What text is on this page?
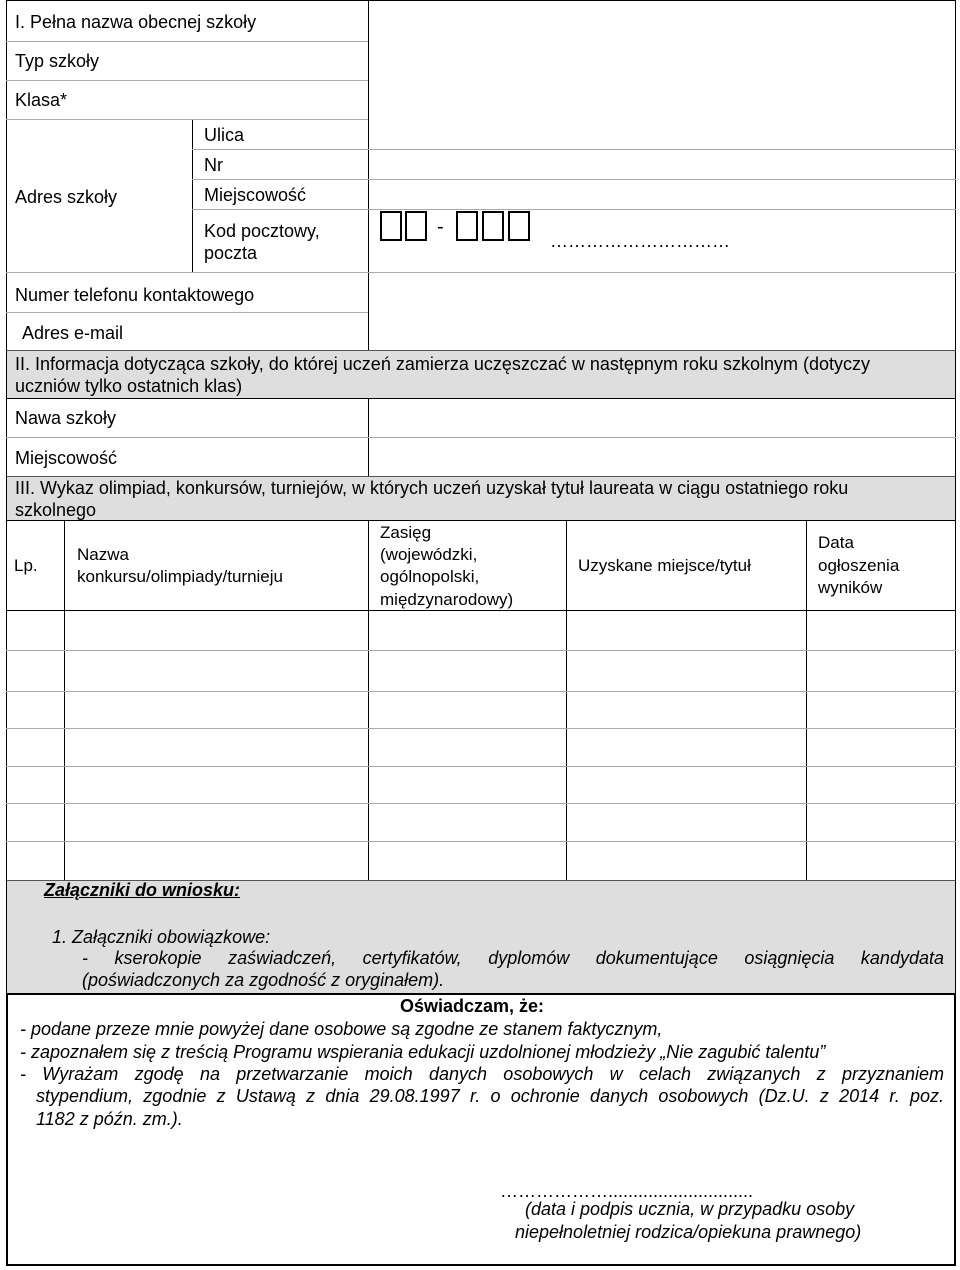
I. Pełna nazwa obecnej szkoły
Typ szkoły
Klasa*
Adres szkoły
Ulica
Nr
Miejscowość
Kod pocztowy,
poczta
-
…………………………
Numer telefonu kontaktowego
Adres e-mail
II. Informacja dotycząca szkoły, do której uczeń zamierza uczęszczać w następnym roku szkolnym (dotyczy
uczniów tylko ostatnich klas)
Nawa szkoły
Miejscowość
III. Wykaz olimpiad, konkursów, turniejów, w których uczeń uzyskał tytuł laureata w ciągu ostatniego roku
szkolnego
Lp.
Nazwa
konkursu/olimpiady/turnieju
Zasięg
(wojewódzki,
ogólnopolski,
międzynarodowy)
Uzyskane miejsce/tytuł
Data
ogłoszenia
wyników
Załączniki do wniosku:
1. Załączniki obowiązkowe:
- kserokopie zaświadczeń, certyfikatów, dyplomów dokumentujące osiągnięcia kandydata
(poświadczonych za zgodność z oryginałem).
Oświadczam, że:
- podane przeze mnie powyżej dane osobowe są zgodne ze stanem faktycznym,
- zapoznałem się z treścią Programu wspierania edukacji uzdolnionej młodzieży „Nie zagubić talentu”
- Wyrażam zgodę na przetwarzanie moich danych osobowych w celach związanych z przyznaniem
stypendium, zgodnie z Ustawą z dnia 29.08.1997 r. o ochronie danych osobowych (Dz.U. z 2014 r. poz.
1182 z późn. zm.).
……………….............................
(data i podpis ucznia, w przypadku osoby
niepełnoletniej rodzica/opiekuna prawnego)
